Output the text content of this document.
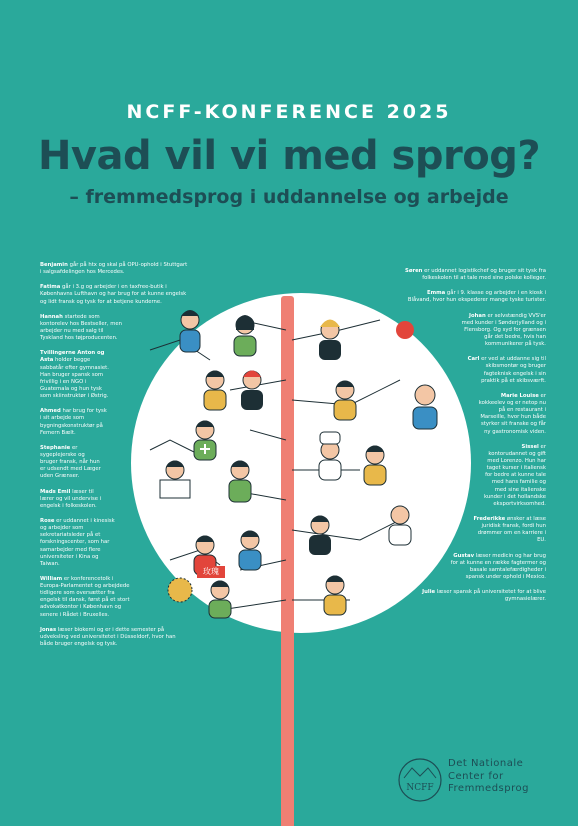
NCFF-KONFERENCE 2025
Hvad vil vi med sprog?
– fremmedsprog i uddannelse og arbejde
玫瑰
Benjamin går på htx og skal på OPU-ophold i Stuttgart i salgsafdelingen hos Mercedes.
Fatima går i 3.g og arbejder i en taxfree-butik i Københavns Lufthavn og har brug for at kunne engelsk og lidt fransk og tysk for at betjene kunderne.
Hannah startede som kontorelev hos Bestseller, men arbejder nu med salg til Tyskland hos tøjproducenten.
Tvillingerne Anton og Asta holder begge sabbatår efter gymnasiet. Han bruger spansk som frivillig i en NGO i Guatemala og hun tysk som skiinstruktør i Østrig.
Ahmed har brug for tysk i sit arbejde som bygningskonstruktør på Femern Bælt.
Stephanie er sygeplejerske og bruger fransk, når hun er udsendt med Læger uden Grænser.
Mads Emil læser til lærer og vil undervise i engelsk i folkeskolen.
Rose er uddannet i kinesisk og arbejder som sekretariatsleder på et forskningscenter, som har samarbejder med flere universiteter i Kina og Taiwan.
William er konferencetolk i Europa-Parlamentet og arbejdede tidligere som oversætter fra engelsk til dansk, først på et stort advokatkontor i København og senere i Rådet i Bruxelles.
Jonas læser biokemi og er i dette semester på udveksling ved universitetet i Düsseldorf, hvor han både bruger engelsk og tysk.
Søren er uddannet logistikchef og bruger sit tysk fra folkeskolen til at tale med sine polske kolleger.
Emma går i 9. klasse og arbejder i en kiosk i Blåvand, hvor hun ekspederer mange tyske turister.
Johan er selvstændig VVS'er med kunder i Sønderjylland og i Flensborg. Og syd for grænsen går det bedre, hvis han kommunikerer på tysk.
Carl er ved at uddanne sig til skibsmontør og bruger fagteknisk engelsk i sin praktik på et skibsværft.
Marie Louise er kokkeelev og er netop nu på en restaurant i Marseille, hvor hun både styrker sit franske og får ny gastronomisk viden.
Sissel er kontorudannet og gift med Lorenzo. Hun har taget kurser i italiensk for bedre at kunne tale med hans familie og med sine italienske kunder i det hollandske eksportvirksomhed.
Frederikke ønsker at læse juridisk fransk, fordi hun drømmer om en karriere i EU.
Gustav læser medicin og har brug for at kunne en række fagtermer og basale samtalefærdigheder i spansk under ophold i Mexico.
Julie læser spansk på universitetet for at blive gymnasielærer.
NCFF
Det Nationale
Center for
Fremmedsprog
